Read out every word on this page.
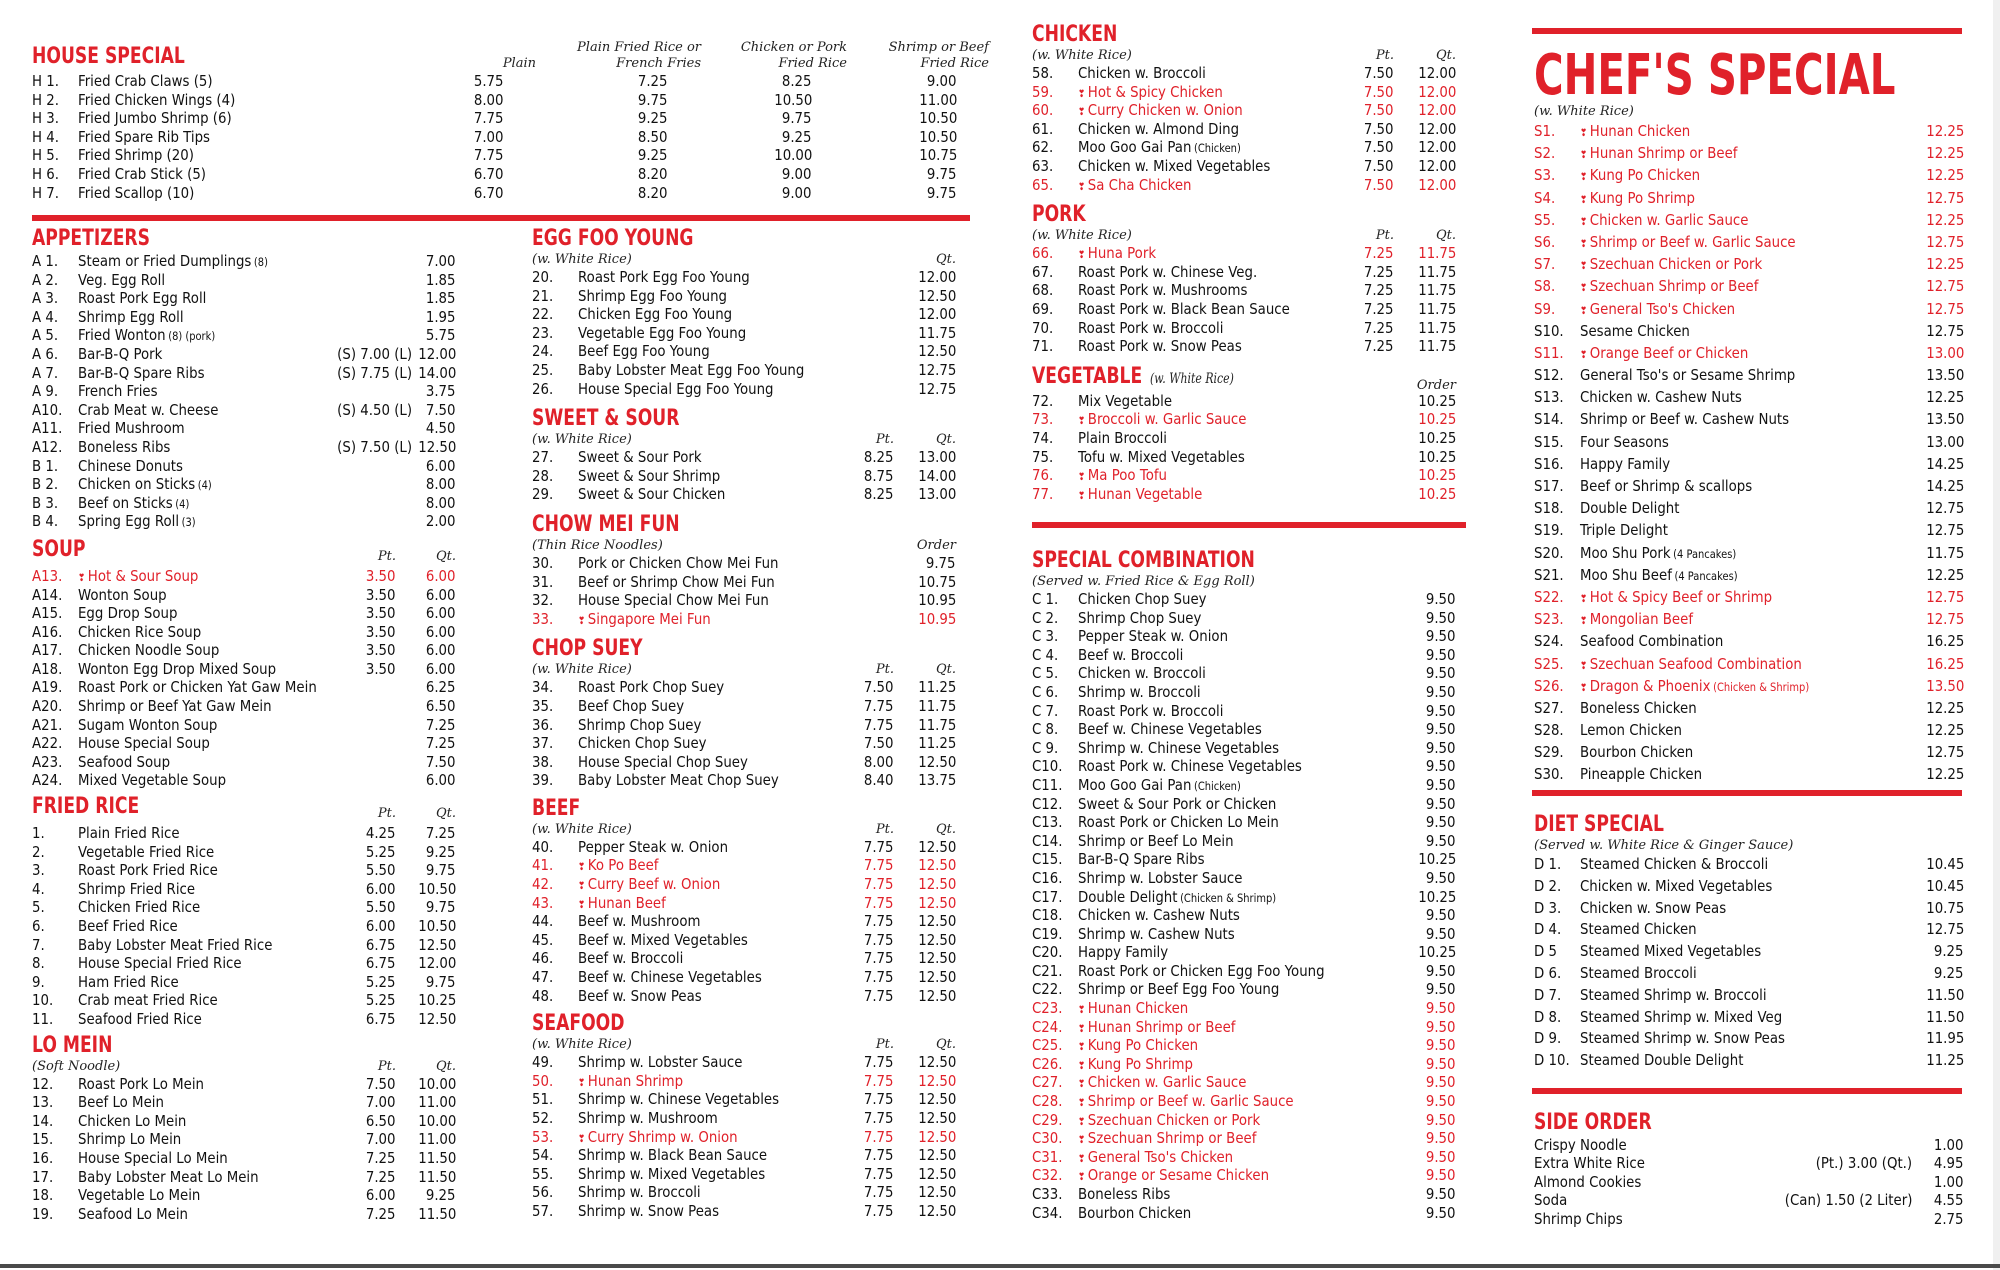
HOUSE SPECIAL	Plain
Plain Fried Rice or French Fries
Chicken or Pork Fried Rice
Shrimp or Beef Fried Rice
H 1. Fried Crab Claws (5)	5.75	7.25	8.25	9.00
H 2. Fried Chicken Wings (4)	8.00	9.75	10.50	11.00
H 3. Fried Jumbo Shrimp (6)	7.75	9.25	9.75	10.50
H 4. Fried Spare Rib Tips	7.00	8.50	9.25	10.50
H 5. Fried Shrimp (20)	7.75	9.25	10.00	10.75
H 6. Fried Crab Stick (5)	6.70	8.20	9.00	9.75
H 7. Fried Scallop (10)	6.70	8.20	9.00	9.75
APPETIZERS
A 1. Steam or Fried Dumplings (8)	7.00
A 2. Veg. Egg Roll	1.85
A 3. Roast Pork Egg Roll	1.85
A 4. Shrimp Egg Roll	1.95
A 5. Fried Wonton (8) (pork)	5.75
A 6. Bar-B-Q Pork	(S) 7.00 (L) 12.00
A 7. Bar-B-Q Spare Ribs	(S) 7.75 (L) 14.00
A 9. French Fries	3.75
A10. Crab Meat w. Cheese	(S) 4.50 (L) 7.50
A11. Fried Mushroom	4.50
A12. Boneless Ribs	(S) 7.50 (L) 12.50
B 1. Chinese Donuts	6.00
B 2. Chicken on Sticks (4)	8.00
B 3. Beef on Sticks (4)	8.00
B 4. Spring Egg Roll (3)	2.00
SOUP	Pt.	Qt.
A13. ❣ Hot & Sour Soup	3.50 6.00
A14. Wonton Soup	3.50 6.00
A15. Egg Drop Soup	3.50 6.00
A16. Chicken Rice Soup	3.50 6.00
A17. Chicken Noodle Soup	3.50 6.00
A18. Wonton Egg Drop Mixed Soup	3.50 6.00
A19. Roast Pork or Chicken Yat Gaw Mein	6.25
A20. Shrimp or Beef Yat Gaw Mein	6.50
A21. Sugam Wonton Soup	7.25
A22. House Special Soup	7.25
A23. Seafood Soup	7.50
A24. Mixed Vegetable Soup	6.00
FRIED RICE	Pt.	Qt.
1. Plain Fried Rice	4.25 7.25
2. Vegetable Fried Rice	5.25 9.25
3. Roast Pork Fried Rice	5.50 9.75
4. Shrimp Fried Rice	6.00 10.50
5. Chicken Fried Rice	5.50 9.75
6. Beef Fried Rice	6.00 10.50
7. Baby Lobster Meat Fried Rice	6.75 12.50
8. House Special Fried Rice	6.75 12.00
9. Ham Fried Rice	5.25 9.75
10. Crab meat Fried Rice	5.25 10.25
11. Seafood Fried Rice	6.75 12.50
LO MEIN
(Soft Noodle)	Pt.	Qt.
12. Roast Pork Lo Mein	7.50 10.00
13. Beef Lo Mein	7.00 11.00
14. Chicken Lo Mein	6.50 10.00
15. Shrimp Lo Mein	7.00 11.00
16. House Special Lo Mein	7.25 11.50
17. Baby Lobster Meat Lo Mein	7.25 11.50
18. Vegetable Lo Mein	6.00 9.25
19. Seafood Lo Mein	7.25 11.50
EGG FOO YOUNG
(w. White Rice)	Qt.
20. Roast Pork Egg Foo Young	12.00
21. Shrimp Egg Foo Young	12.50
22. Chicken Egg Foo Young	12.00
23. Vegetable Egg Foo Young	11.75
24. Beef Egg Foo Young	12.50
25. Baby Lobster Meat Egg Foo Young	12.75
26. House Special Egg Foo Young	12.75
SWEET & SOUR
(w. White Rice)	Pt.	Qt.
27. Sweet & Sour Pork	8.25 13.00
28. Sweet & Sour Shrimp	8.75 14.00
29. Sweet & Sour Chicken	8.25 13.00
CHOW MEI FUN
(Thin Rice Noodles)	Order
30. Pork or Chicken Chow Mei Fun	9.75
31. Beef or Shrimp Chow Mei Fun	10.75
32. House Special Chow Mei Fun	10.95
33. ❣ Singapore Mei Fun	10.95
CHOP SUEY
(w. White Rice)	Pt.	Qt.
34. Roast Pork Chop Suey	7.50 11.25
35. Beef Chop Suey	7.75 11.75
36. Shrimp Chop Suey	7.75 11.75
37. Chicken Chop Suey	7.50 11.25
38. House Special Chop Suey	8.00 12.50
39. Baby Lobster Meat Chop Suey	8.40 13.75
BEEF
(w. White Rice)	Pt.	Qt.
40. Pepper Steak w. Onion	7.75 12.50
41. ❣ Ko Po Beef	7.75 12.50
42. ❣ Curry Beef w. Onion	7.75 12.50
43. ❣ Hunan Beef	7.75 12.50
44. Beef w. Mushroom	7.75 12.50
45. Beef w. Mixed Vegetables	7.75 12.50
46. Beef w. Broccoli	7.75 12.50
47. Beef w. Chinese Vegetables	7.75 12.50
48. Beef w. Snow Peas	7.75 12.50
SEAFOOD
(w. White Rice)	Pt.	Qt.
49. Shrimp w. Lobster Sauce	7.75 12.50
50. ❣ Hunan Shrimp	7.75 12.50
51. Shrimp w. Chinese Vegetables	7.75 12.50
52. Shrimp w. Mushroom	7.75 12.50
53. ❣ Curry Shrimp w. Onion	7.75 12.50
54. Shrimp w. Black Bean Sauce	7.75 12.50
55. Shrimp w. Mixed Vegetables	7.75 12.50
56. Shrimp w. Broccoli	7.75 12.50
57. Shrimp w. Snow Peas	7.75 12.50
CHICKEN
(w. White Rice)	Pt.	Qt.
58. Chicken w. Broccoli	7.50 12.00
59. ❣ Hot & Spicy Chicken	7.50 12.00
60. ❣ Curry Chicken w. Onion	7.50 12.00
61. Chicken w. Almond Ding	7.50 12.00
62. Moo Goo Gai Pan (Chicken)	7.50 12.00
63. Chicken w. Mixed Vegetables	7.50 12.00
65. ❣ Sa Cha Chicken	7.50 12.00
PORK
(w. White Rice)	Pt.	Qt.
66. ❣ Huna Pork	7.25 11.75
67. Roast Pork w. Chinese Veg.	7.25 11.75
68. Roast Pork w. Mushrooms	7.25 11.75
69. Roast Pork w. Black Bean Sauce	7.25 11.75
70. Roast Pork w. Broccoli	7.25 11.75
71. Roast Pork w. Snow Peas	7.25 11.75
VEGETABLE (w. White Rice)	Order
72. Mix Vegetable	10.25
73. ❣ Broccoli w. Garlic Sauce	10.25
74. Plain Broccoli	10.25
75. Tofu w. Mixed Vegetables	10.25
76. ❣ Ma Poo Tofu	10.25
77. ❣ Hunan Vegetable	10.25
SPECIAL COMBINATION
(Served w. Fried Rice & Egg Roll)
C 1. Chicken Chop Suey	9.50
C 2. Shrimp Chop Suey	9.50
C 3. Pepper Steak w. Onion	9.50
C 4. Beef w. Broccoli	9.50
C 5. Chicken w. Broccoli	9.50
C 6. Shrimp w. Broccoli	9.50
C 7. Roast Pork w. Broccoli	9.50
C 8. Beef w. Chinese Vegetables	9.50
C 9. Shrimp w. Chinese Vegetables	9.50
C10. Roast Pork w. Chinese Vegetables	9.50
C11. Moo Goo Gai Pan (Chicken)	9.50
C12. Sweet & Sour Pork or Chicken	9.50
C13. Roast Pork or Chicken Lo Mein	9.50
C14. Shrimp or Beef Lo Mein	9.50
C15. Bar-B-Q Spare Ribs	10.25
C16. Shrimp w. Lobster Sauce	9.50
C17. Double Delight (Chicken & Shrimp)	10.25
C18. Chicken w. Cashew Nuts	9.50
C19. Shrimp w. Cashew Nuts	9.50
C20. Happy Family	10.25
C21. Roast Pork or Chicken Egg Foo Young	9.50
C22. Shrimp or Beef Egg Foo Young	9.50
C23. ❣ Hunan Chicken	9.50
C24. ❣ Hunan Shrimp or Beef	9.50
C25. ❣ Kung Po Chicken	9.50
C26. ❣ Kung Po Shrimp	9.50
C27. ❣ Chicken w. Garlic Sauce	9.50
C28. ❣ Shrimp or Beef w. Garlic Sauce	9.50
C29. ❣ Szechuan Chicken or Pork	9.50
C30. ❣ Szechuan Shrimp or Beef	9.50
C31. ❣ General Tso's Chicken	9.50
C32. ❣ Orange or Sesame Chicken	9.50
C33. Boneless Ribs	9.50
C34. Bourbon Chicken	9.50
CHEF'S SPECIAL
(w. White Rice)
S1. ❣ Hunan Chicken	12.25
S2. ❣ Hunan Shrimp or Beef	12.25
S3. ❣ Kung Po Chicken	12.25
S4. ❣ Kung Po Shrimp	12.75
S5. ❣ Chicken w. Garlic Sauce	12.25
S6. ❣ Shrimp or Beef w. Garlic Sauce	12.75
S7. ❣ Szechuan Chicken or Pork	12.25
S8. ❣ Szechuan Shrimp or Beef	12.75
S9. ❣ General Tso's Chicken	12.75
S10. Sesame Chicken	12.75
S11. ❣ Orange Beef or Chicken	13.00
S12. General Tso's or Sesame Shrimp	13.50
S13. Chicken w. Cashew Nuts	12.25
S14. Shrimp or Beef w. Cashew Nuts	13.50
S15. Four Seasons	13.00
S16. Happy Family	14.25
S17. Beef or Shrimp & scallops	14.25
S18. Double Delight	12.75
S19. Triple Delight	12.75
S20. Moo Shu Pork (4 Pancakes)	11.75
S21. Moo Shu Beef (4 Pancakes)	12.25
S22. ❣ Hot & Spicy Beef or Shrimp	12.75
S23. ❣ Mongolian Beef	12.75
S24. Seafood Combination	16.25
S25. ❣ Szechuan Seafood Combination	16.25
S26. ❣ Dragon & Phoenix (Chicken & Shrimp)	13.50
S27. Boneless Chicken	12.25
S28. Lemon Chicken	12.25
S29. Bourbon Chicken	12.75
S30. Pineapple Chicken	12.25
DIET SPECIAL
(Served w. White Rice & Ginger Sauce)
D 1. Steamed Chicken & Broccoli	10.45
D 2. Chicken w. Mixed Vegetables	10.45
D 3. Chicken w. Snow Peas	10.75
D 4. Steamed Chicken	12.75
D 5 Steamed Mixed Vegetables	9.25
D 6. Steamed Broccoli	9.25
D 7. Steamed Shrimp w. Broccoli	11.50
D 8. Steamed Shrimp w. Mixed Veg	11.50
D 9. Steamed Shrimp w. Snow Peas	11.95
D 10. Steamed Double Delight	11.25
SIDE ORDER
Crispy Noodle	1.00
Extra White Rice	(Pt.) 3.00 (Qt.) 4.95
Almond Cookies	1.00
Soda	(Can) 1.50 (2 Liter) 4.55
Shrimp Chips	2.75
